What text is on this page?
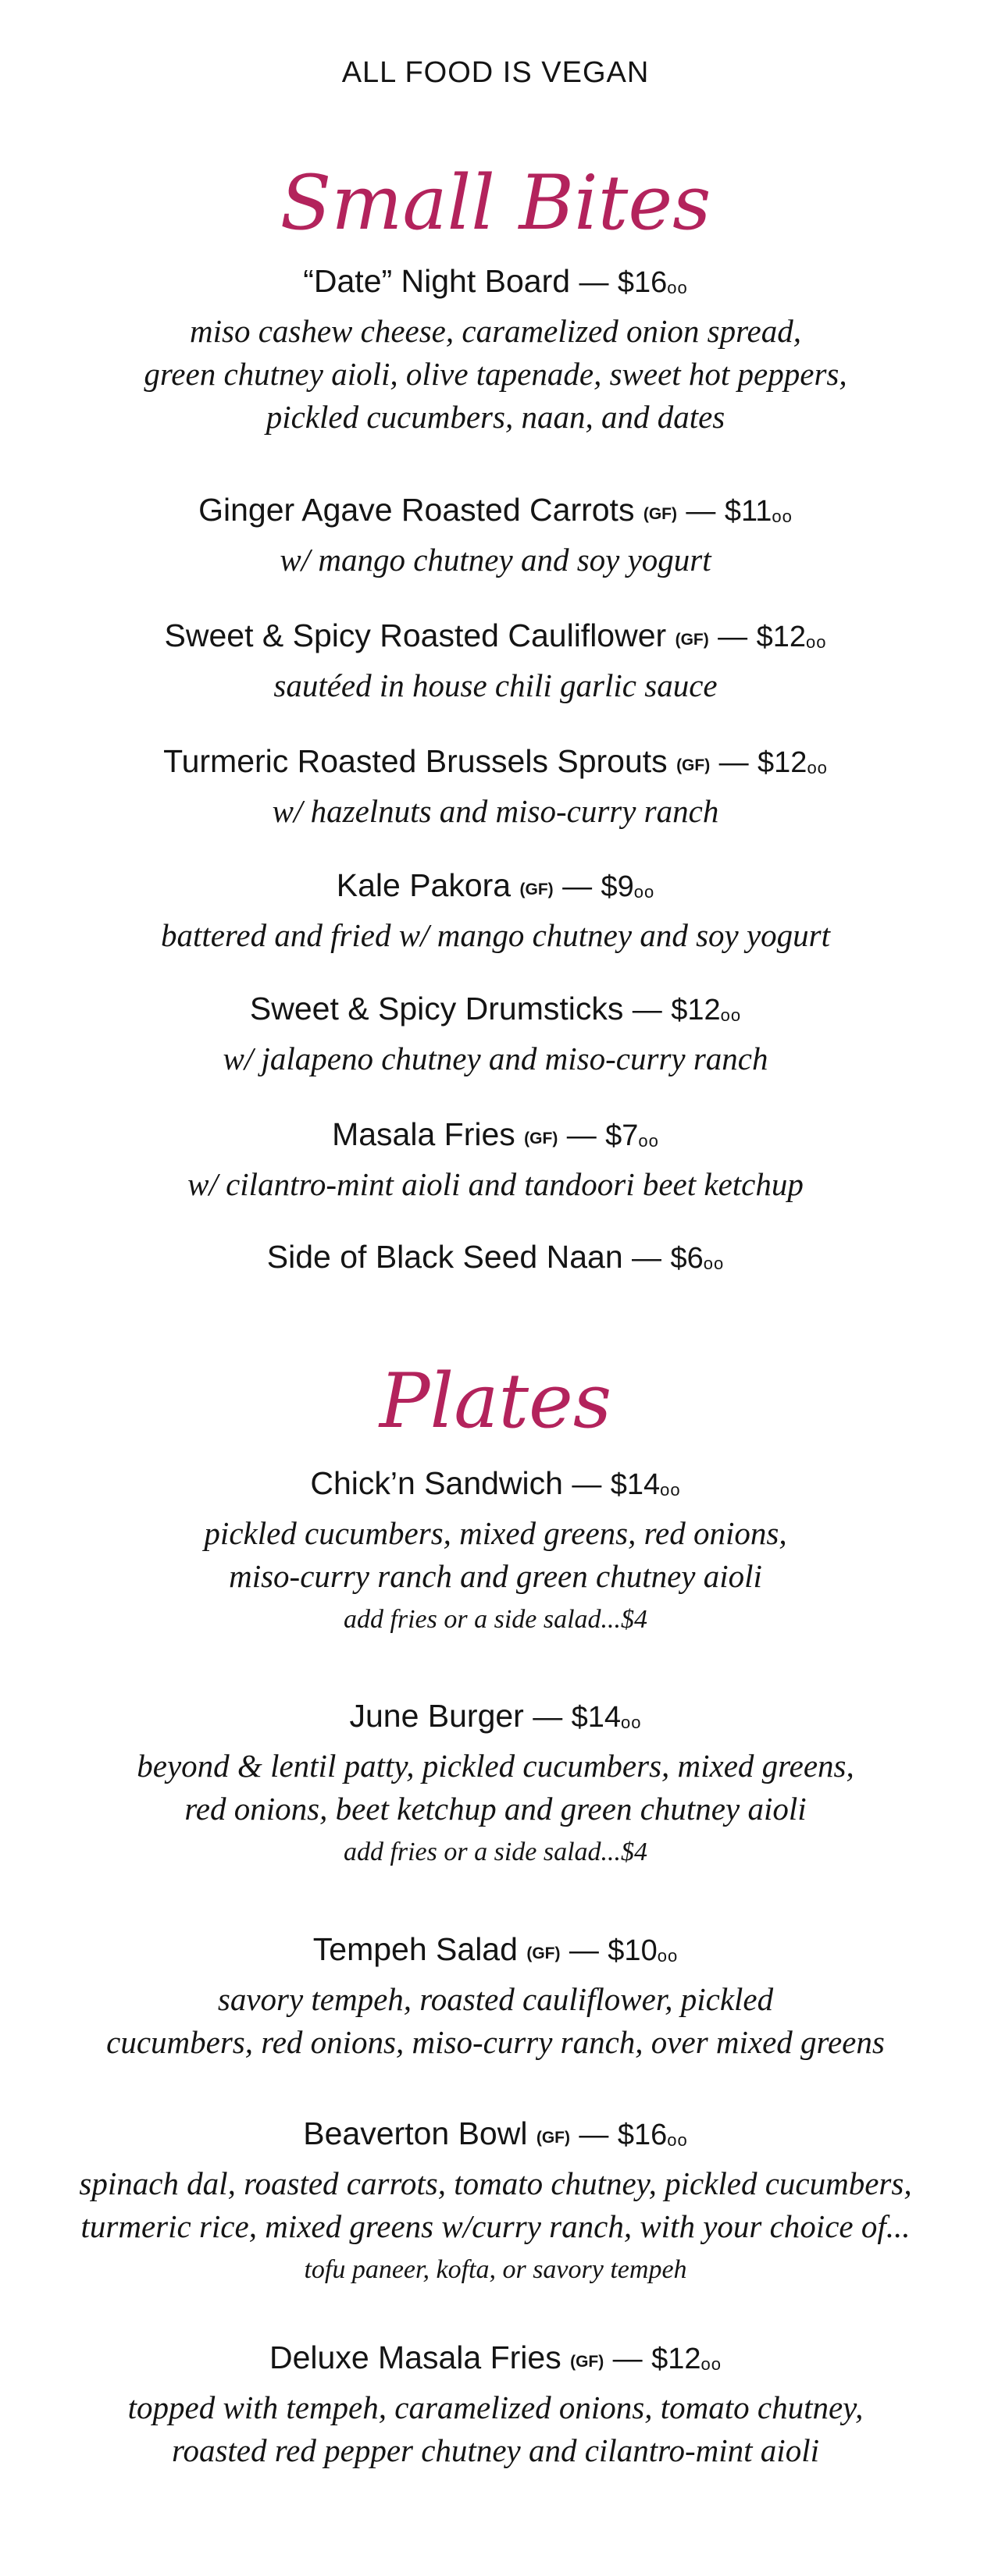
ALL FOOD IS VEGAN
Small Bites
“Date” Night Board — $16oo
miso cashew cheese, caramelized onion spread,
green chutney aioli, olive tapenade, sweet hot peppers,
pickled cucumbers, naan, and dates
Ginger Agave Roasted Carrots (GF) — $11oo
w/ mango chutney and soy yogurt
Sweet & Spicy Roasted Cauliflower (GF) — $12oo
sautéed in house chili garlic sauce
Turmeric Roasted Brussels Sprouts (GF) — $12oo
w/ hazelnuts and miso-curry ranch
Kale Pakora (GF) — $9oo
battered and fried w/ mango chutney and soy yogurt
Sweet & Spicy Drumsticks — $12oo
w/ jalapeno chutney and miso-curry ranch
Masala Fries (GF) — $7oo
w/ cilantro-mint aioli and tandoori beet ketchup
Side of Black Seed Naan — $6oo
Plates
Chick’n Sandwich — $14oo
pickled cucumbers, mixed greens, red onions,
miso-curry ranch and green chutney aioli
add fries or a side salad...$4
June Burger — $14oo
beyond & lentil patty, pickled cucumbers, mixed greens,
red onions, beet ketchup and green chutney aioli
add fries or a side salad...$4
Tempeh Salad (GF) — $10oo
savory tempeh, roasted cauliflower, pickled
cucumbers, red onions, miso-curry ranch, over mixed greens
Beaverton Bowl (GF) — $16oo
spinach dal, roasted carrots, tomato chutney, pickled cucumbers,
turmeric rice, mixed greens w/curry ranch, with your choice of...
tofu paneer, kofta, or savory tempeh
Deluxe Masala Fries (GF) — $12oo
topped with tempeh, caramelized onions, tomato chutney,
roasted red pepper chutney and cilantro-mint aioli
